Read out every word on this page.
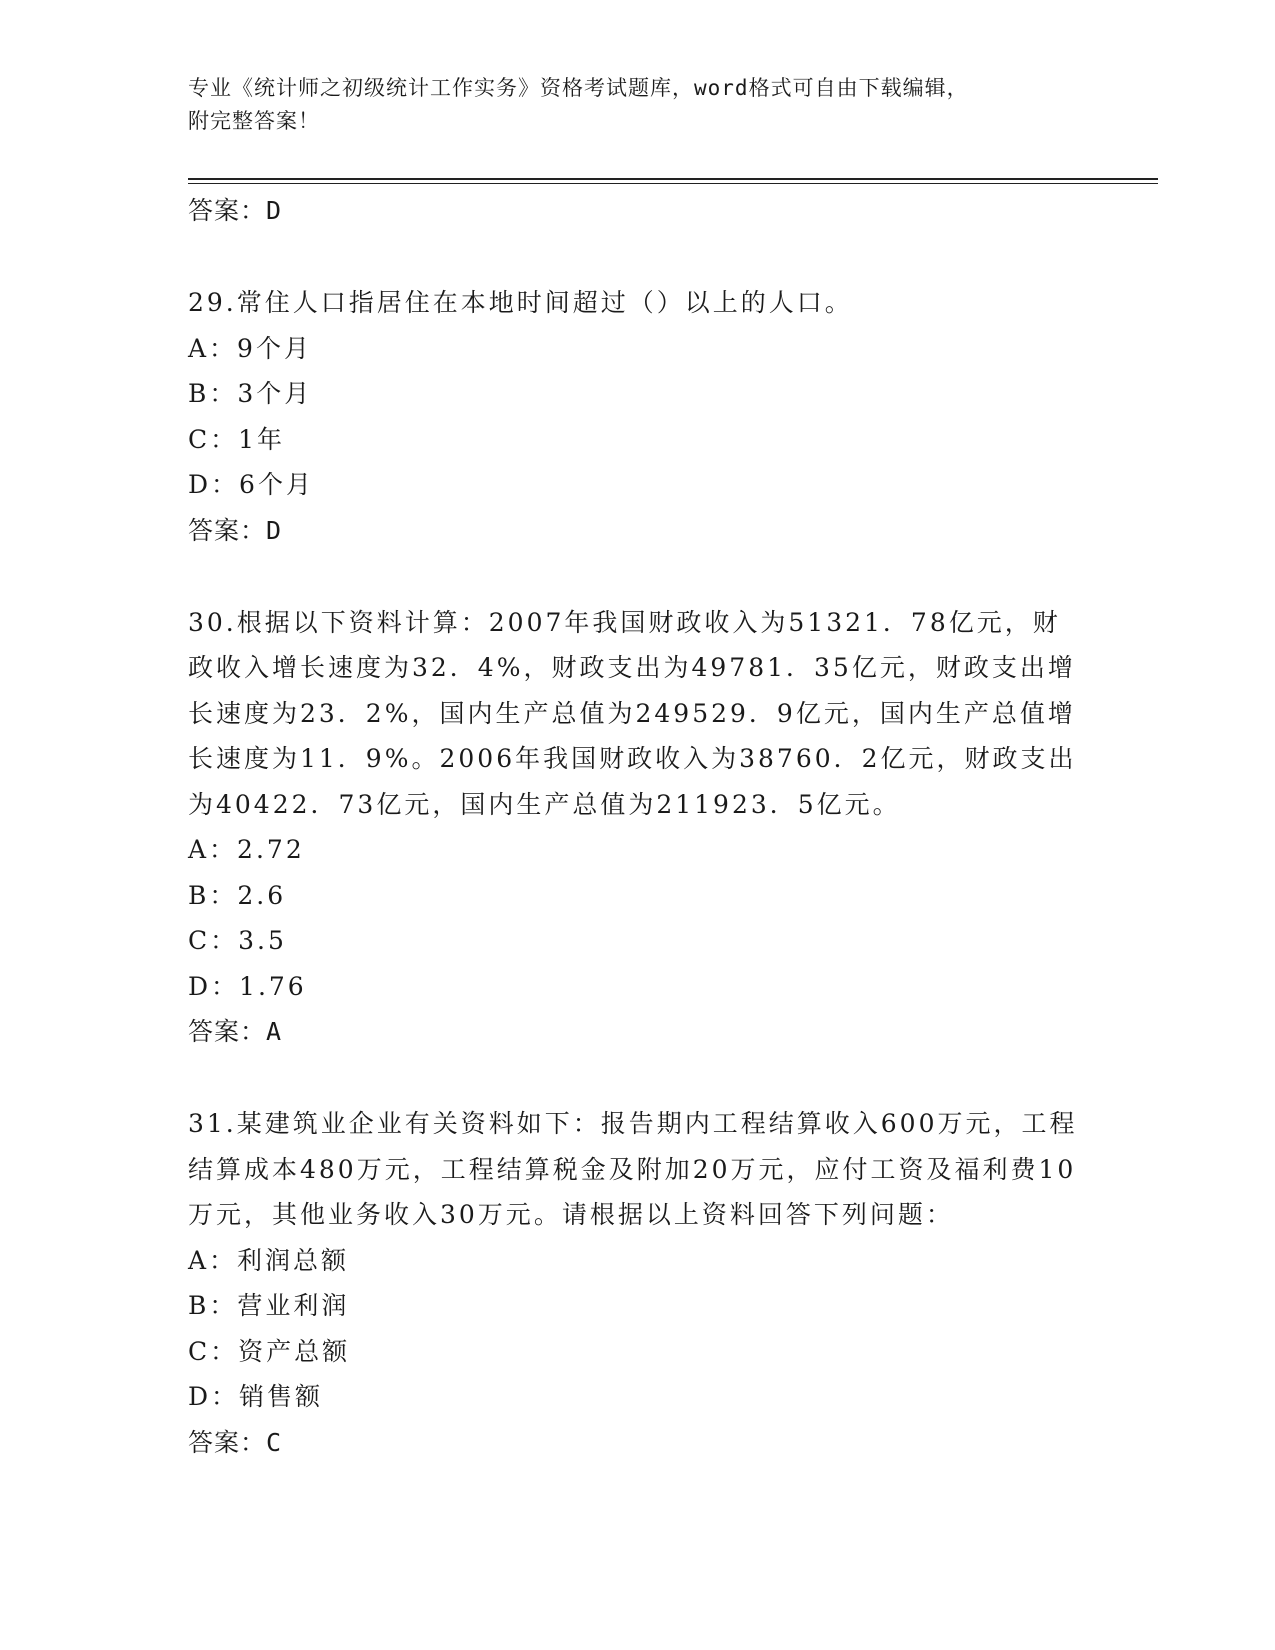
专业《统计师之初级统计工作实务》资格考试题库，word格式可自由下载编辑，
附完整答案！
答案：D
29.常住人口指居住在本地时间超过（）以上的人口。
A：9个月
B：3个月
C：1年
D：6个月
答案：D
30.根据以下资料计算：2007年我国财政收入为51321．78亿元，财政收入增长速度为32．4%，财政支出为49781．35亿元，财政支出增长速度为23．2%，国内生产总值为249529．9亿元，国内生产总值增长速度为11．9%。2006年我国财政收入为38760．2亿元，财政支出为40422．73亿元，国内生产总值为211923．5亿元。
A：2.72
B：2.6
C：3.5
D：1.76
答案：A
31.某建筑业企业有关资料如下：报告期内工程结算收入600万元，工程结算成本480万元，工程结算税金及附加20万元，应付工资及福利费10万元，其他业务收入30万元。请根据以上资料回答下列问题：
A：利润总额
B：营业利润
C：资产总额
D：销售额
答案：C
